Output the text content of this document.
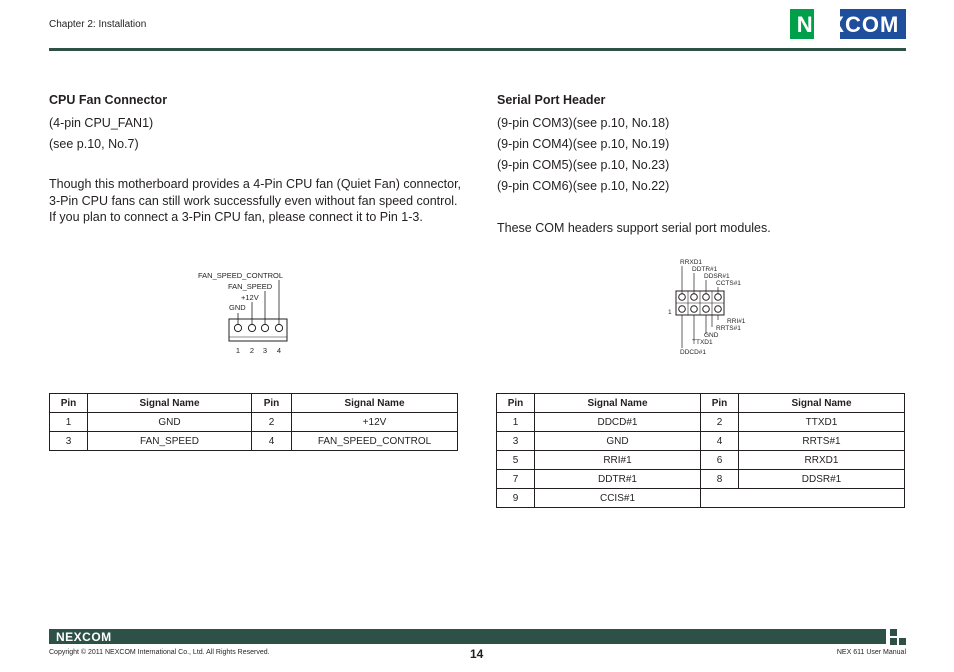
Chapter 2: Installation	NEXCOM
CPU Fan Connector

(4-pin CPU_FAN1)

(see p.10, No.7)

Though this motherboard provides a 4-Pin CPU fan (Quiet Fan) connector,
3-Pin CPU fans can still work successfully even without fan speed control.
If you plan to connect a 3-Pin CPU fan, please connect it to Pin 1-3.

Serial Port Header

(9-pin COM3)(see p.10, No.18)

(9-pin COM4)(see p.10, No.19)

(9-pin COM5)(see p.10, No.23)

(9-pin COM6)(see p.10, No.22)

These COM headers support serial port modules.

FAN_SPEED_CONTROL
FAN_SPEED
+12V
GND
1 2 3 4
RRXD1
DDTR#1
DDSR#1
CCTS#1
1
RRI#1
RRTS#1
GND
TTXD1
DDCD#1
Pin	Signal Name	Pin	Signal Name
1	GND	2	+12V
3	FAN_SPEED	4	FAN_SPEED_CONTROL
Pin	Signal Name	Pin	Signal Name
1	DDCD#1	2	TTXD1
3	GND	4	RRTS#1
5	RRI#1	6	RRXD1
7	DDTR#1	8	DDSR#1
9	CCIS#1		
NEXCOM
Copyright © 2011 NEXCOM International Co., Ltd. All Rights Reserved.	14	NEX 611 User Manual
